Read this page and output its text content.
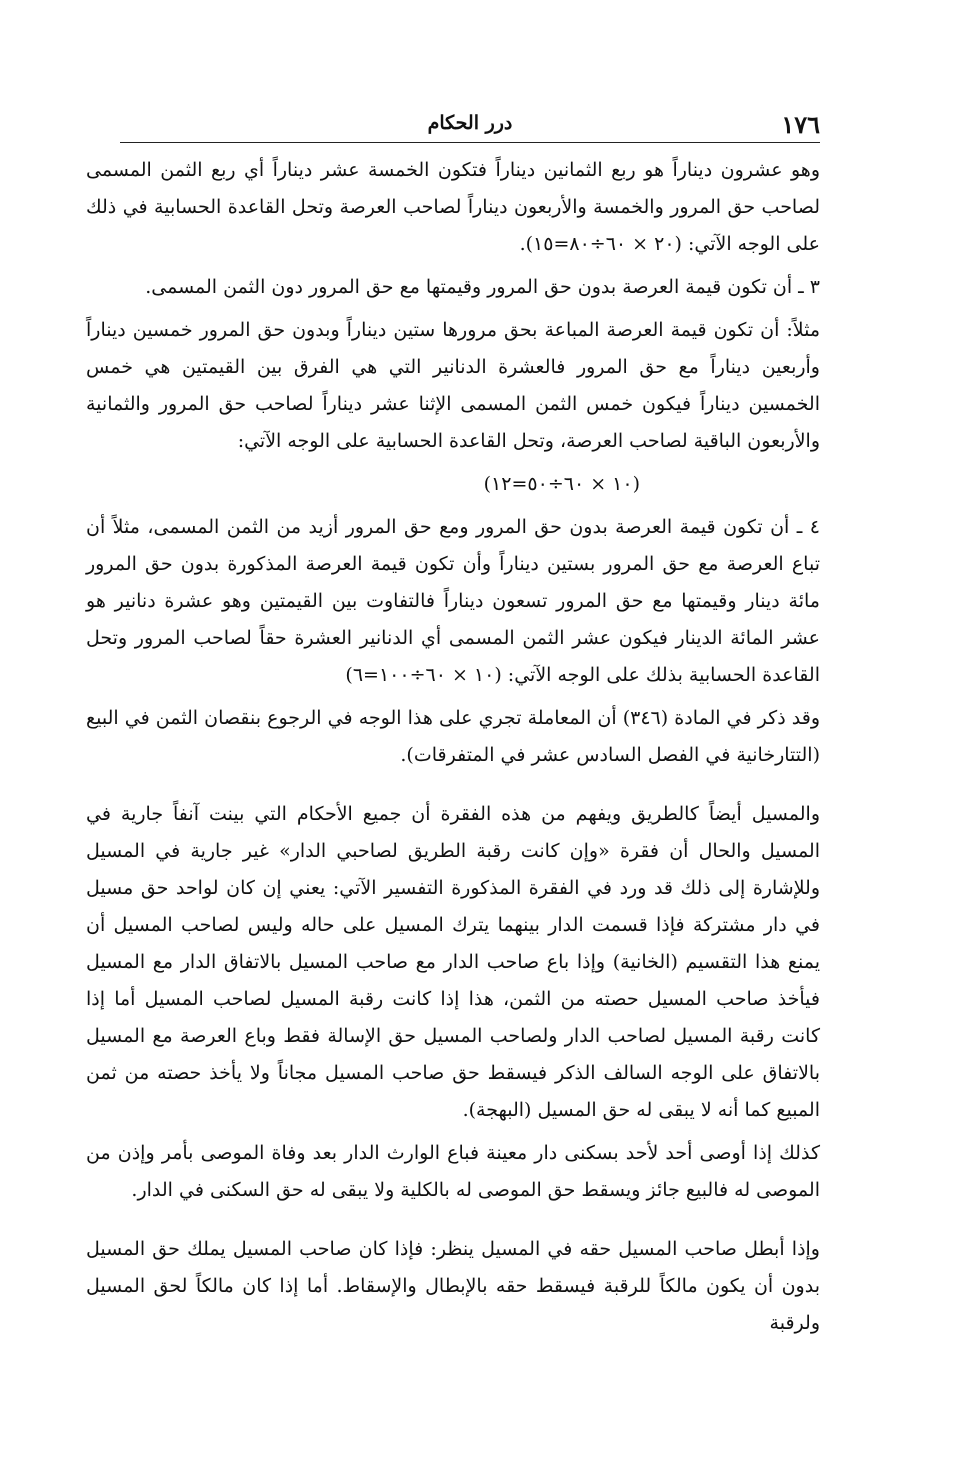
١٧٦
درر الحكام

وهو عشرون ديناراً هو ربع الثمانين ديناراً فتكون الخمسة عشر ديناراً أي ربع الثمن المسمى لصاحب حق المرور والخمسة والأربعون ديناراً لصاحب العرصة وتحل القاعدة الحسابية في ذلك على الوجه الآتي: (٢٠ × ٦٠÷٨٠=١٥).

٣ ـ أن تكون قيمة العرصة بدون حق المرور وقيمتها مع حق المرور دون الثمن المسمى.

مثلاً: أن تكون قيمة العرصة المباعة بحق مرورها ستين ديناراً وبدون حق المرور خمسين ديناراً وأربعين ديناراً مع حق المرور فالعشرة الدنانير التي هي الفرق بين القيمتين هي خمس الخمسين ديناراً فيكون خمس الثمن المسمى الإثنا عشر ديناراً لصاحب حق المرور والثمانية والأربعون الباقية لصاحب العرصة، وتحل القاعدة الحسابية على الوجه الآتي:

(١٠ × ٦٠÷٥٠=١٢)

٤ ـ أن تكون قيمة العرصة بدون حق المرور ومع حق المرور أزيد من الثمن المسمى، مثلاً أن تباع العرصة مع حق المرور بستين ديناراً وأن تكون قيمة العرصة المذكورة بدون حق المرور مائة دينار وقيمتها مع حق المرور تسعون ديناراً فالتفاوت بين القيمتين وهو عشرة دنانير هو عشر المائة الدينار فيكون عشر الثمن المسمى أي الدنانير العشرة حقاً لصاحب المرور وتحل القاعدة الحسابية بذلك على الوجه الآتي: (١٠ × ٦٠÷١٠٠=٦)

وقد ذكر في المادة (٣٤٦) أن المعاملة تجري على هذا الوجه في الرجوع بنقصان الثمن في البيع (التتارخانية في الفصل السادس عشر في المتفرقات).

والمسيل أيضاً كالطريق ويفهم من هذه الفقرة أن جميع الأحكام التي بينت آنفاً جارية في المسيل والحال أن فقرة «وإن كانت رقبة الطريق لصاحبي الدار» غير جارية في المسيل وللإشارة إلى ذلك قد ورد في الفقرة المذكورة التفسير الآتي: يعني إن كان لواحد حق مسيل في دار مشتركة فإذا قسمت الدار بينهما يترك المسيل على حاله وليس لصاحب المسيل أن يمنع هذا التقسيم (الخانية) وإذا باع صاحب الدار مع صاحب المسيل بالاتفاق الدار مع المسيل فيأخذ صاحب المسيل حصته من الثمن، هذا إذا كانت رقبة المسيل لصاحب المسيل أما إذا كانت رقبة المسيل لصاحب الدار ولصاحب المسيل حق الإسالة فقط وباع العرصة مع المسيل بالاتفاق على الوجه السالف الذكر فيسقط حق صاحب المسيل مجاناً ولا يأخذ حصته من ثمن المبيع كما أنه لا يبقى له حق المسيل (البهجة).

كذلك إذا أوصى أحد لأحد بسكنى دار معينة فباع الوارث الدار بعد وفاة الموصى بأمر وإذن من الموصى له فالبيع جائز ويسقط حق الموصى له بالكلية ولا يبقى له حق السكنى في الدار.

وإذا أبطل صاحب المسيل حقه في المسيل ينظر: فإذا كان صاحب المسيل يملك حق المسيل بدون أن يكون مالكاً للرقبة فيسقط حقه بالإبطال والإسقاط. أما إذا كان مالكاً لحق المسيل ولرقبة
